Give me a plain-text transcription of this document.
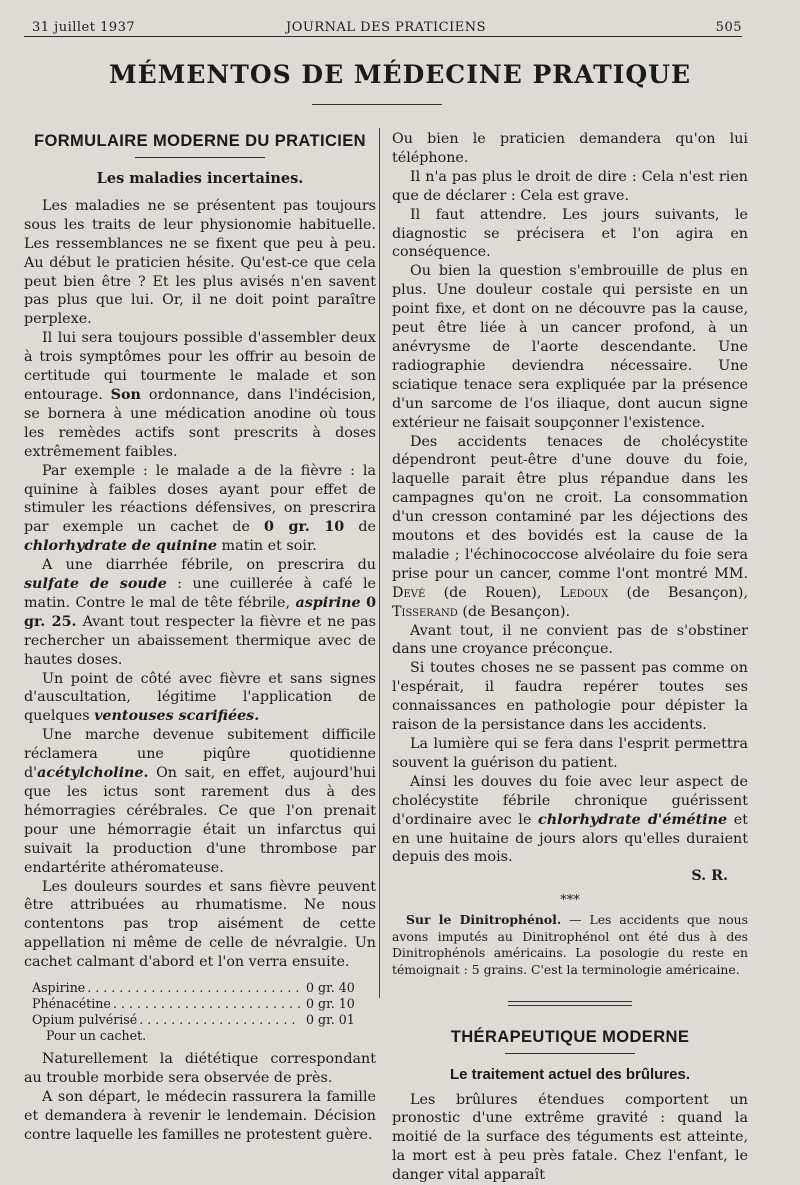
31 juillet 1937	JOURNAL DES PRATICIENS	505
MÉMENTOS DE MÉDECINE PRATIQUE
FORMULAIRE MODERNE DU PRATICIEN
Les maladies incertaines.

Les maladies ne se présentent pas toujours sous les traits de leur physionomie habituelle. Les ressemblances ne se fixent que peu à peu. Au début le praticien hésite. Qu'est-ce que cela peut bien être ? Et les plus avisés n'en savent pas plus que lui. Or, il ne doit point paraître perplexe.

Il lui sera toujours possible d'assembler deux à trois symptômes pour les offrir au besoin de certitude qui tourmente le malade et son entourage. Son ordonnance, dans l'indécision, se bornera à une médication anodine où tous les remèdes actifs sont prescrits à doses extrêmement faibles.

Par exemple : le malade a de la fièvre : la quinine à faibles doses ayant pour effet de stimuler les réactions défensives, on prescrira par exemple un cachet de 0 gr. 10 de chlorhydrate de quinine matin et soir.

A une diarrhée fébrile, on prescrira du sulfate de soude : une cuillerée à café le matin. Contre le mal de tête fébrile, aspirine 0 gr. 25. Avant tout respecter la fièvre et ne pas rechercher un abaissement thermique avec de hautes doses.

Un point de côté avec fièvre et sans signes d'auscultation, légitime l'application de quelques ventouses scarifiées.

Une marche devenue subitement difficile réclamera une piqûre quotidienne d'acétylcholine. On sait, en effet, aujourd'hui que les ictus sont rarement dus à des hémorragies cérébrales. Ce que l'on prenait pour une hémorragie était un infarctus qui suivait la production d'une thrombose par endartérite athéromateuse.

Les douleurs sourdes et sans fièvre peuvent être attribuées au rhumatisme. Ne nous contentons pas trop aisément de cette appellation ni même de celle de névralgie. Un cachet calmant d'abord et l'on verra ensuite.

Aspirine . . .	0 gr. 40
Phénacétine . . .	0 gr. 10
Opium pulvérisé . . .	0 gr. 01
Pour un cachet.

Naturellement la diététique correspondant au trouble morbide sera observée de près.

A son départ, le médecin rassurera la famille et demandera à revenir le lendemain. Décision contre laquelle les familles ne protestent guère.

Ou bien le praticien demandera qu'on lui téléphone.

Il n'a pas plus le droit de dire : Cela n'est rien que de déclarer : Cela est grave.

Il faut attendre. Les jours suivants, le diagnostic se précisera et l'on agira en conséquence.

Ou bien la question s'embrouille de plus en plus. Une douleur costale qui persiste en un point fixe, et dont on ne découvre pas la cause, peut être liée à un cancer profond, à un anévrysme de l'aorte descendante. Une radiographie deviendra nécessaire. Une sciatique tenace sera expliquée par la présence d'un sarcome de l'os iliaque, dont aucun signe extérieur ne faisait soupçonner l'existence.

Des accidents tenaces de cholécystite dépendront peut-être d'une douve du foie, laquelle parait être plus répandue dans les campagnes qu'on ne croit. La consommation d'un cresson contaminé par les déjections des moutons et des bovidés est la cause de la maladie ; l'échinococcose alvéolaire du foie sera prise pour un cancer, comme l'ont montré MM. Devé (de Rouen), Ledoux (de Besançon), Tisserand (de Besançon).

Avant tout, il ne convient pas de s'obstiner dans une croyance préconçue.

Si toutes choses ne se passent pas comme on l'espérait, il faudra repérer toutes ses connaissances en pathologie pour dépister la raison de la persistance dans les accidents.

La lumière qui se fera dans l'esprit permettra souvent la guérison du patient.

Ainsi les douves du foie avec leur aspect de cholécystite fébrile chronique guérissent d'ordinaire avec le chlorhydrate d'émétine et en une huitaine de jours alors qu'elles duraient depuis des mois.

S. R.
***

Sur le Dinitrophénol. — Les accidents que nous avons imputés au Dinitrophénol ont été dus à des Dinitrophénols américains. La posologie du reste en témoignait : 5 grains. C'est la terminologie américaine.

THÉRAPEUTIQUE MODERNE
Le traitement actuel des brûlures.

Les brûlures étendues comportent un pronostic d'une extrême gravité : quand la moitié de la surface des téguments est atteinte, la mort est à peu près fatale. Chez l'enfant, le danger vital apparaît
